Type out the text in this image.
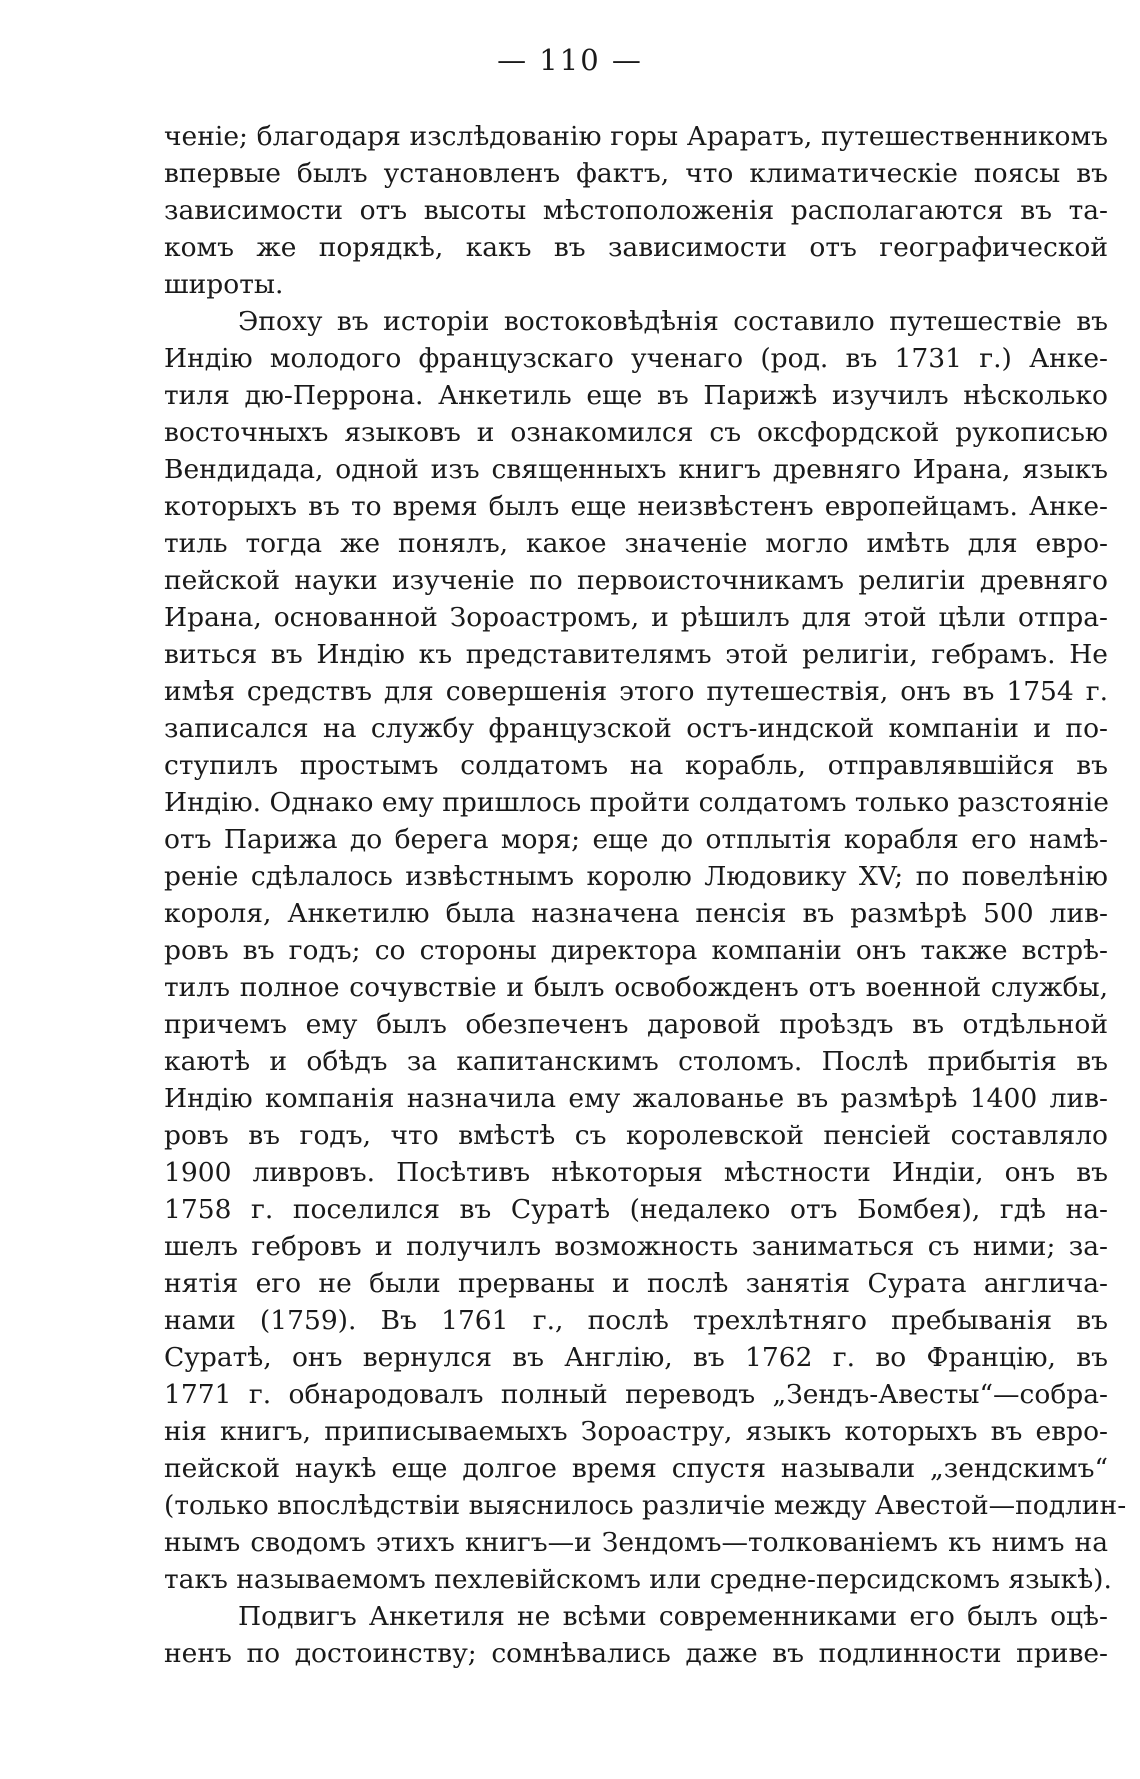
— 110 —
ченіе; благодаря изслѣдованію горы Араратъ, путешественникомъ
впервые былъ установленъ фактъ, что климатическіе поясы въ
зависимости отъ высоты мѣстоположенія располагаются въ та-
комъ же порядкѣ, какъ въ зависимости отъ географической
широты.
Эпоху въ исторіи востоковѣдѣнія составило путешествіе въ
Индію молодого французскаго ученаго (род. въ 1731 г.) Анке-
тиля дю-Перрона. Анкетиль еще въ Парижѣ изучилъ нѣсколько
восточныхъ языковъ и ознакомился съ оксфордской рукописью
Вендидада, одной изъ священныхъ книгъ древняго Ирана, языкъ
которыхъ въ то время былъ еще неизвѣстенъ европейцамъ. Анке-
тиль тогда же понялъ, какое значеніе могло имѣть для евро-
пейской науки изученіе по первоисточникамъ религіи древняго
Ирана, основанной Зороастромъ, и рѣшилъ для этой цѣли отпра-
виться въ Индію къ представителямъ этой религіи, гебрамъ. Не
имѣя средствъ для совершенія этого путешествія, онъ въ 1754 г.
записался на службу французской остъ-индской компаніи и по-
ступилъ простымъ солдатомъ на корабль, отправлявшійся въ
Индію. Однако ему пришлось пройти солдатомъ только разстояніе
отъ Парижа до берега моря; еще до отплытія корабля его намѣ-
реніе сдѣлалось извѣстнымъ королю Людовику XV; по повелѣнію
короля, Анкетилю была назначена пенсія въ размѣрѣ 500 лив-
ровъ въ годъ; со стороны директора компаніи онъ также встрѣ-
тилъ полное сочувствіе и былъ освобожденъ отъ военной службы,
причемъ ему былъ обезпеченъ даровой проѣздъ въ отдѣльной
каютѣ и обѣдъ за капитанскимъ столомъ. Послѣ прибытія въ
Индію компанія назначила ему жалованье въ размѣрѣ 1400 лив-
ровъ въ годъ, что вмѣстѣ съ королевской пенсіей составляло
1900 ливровъ. Посѣтивъ нѣкоторыя мѣстности Индіи, онъ въ
1758 г. поселился въ Суратѣ (недалеко отъ Бомбея), гдѣ на-
шелъ гебровъ и получилъ возможность заниматься съ ними; за-
нятія его не были прерваны и послѣ занятія Сурата англича-
нами (1759). Въ 1761 г., послѣ трехлѣтняго пребыванія въ
Суратѣ, онъ вернулся въ Англію, въ 1762 г. во Францію, въ
1771 г. обнародовалъ полный переводъ „Зендъ-Авесты“—собра-
нія книгъ, приписываемыхъ Зороастру, языкъ которыхъ въ евро-
пейской наукѣ еще долгое время спустя называли „зендскимъ“
(только впослѣдствіи выяснилось различіе между Авестой—подлин-
нымъ сводомъ этихъ книгъ—и Зендомъ—толкованіемъ къ нимъ на
такъ называемомъ пехлевійскомъ или средне-персидскомъ языкѣ).
Подвигъ Анкетиля не всѣми современниками его былъ оцѣ-
ненъ по достоинству; сомнѣвались даже въ подлинности приве-
